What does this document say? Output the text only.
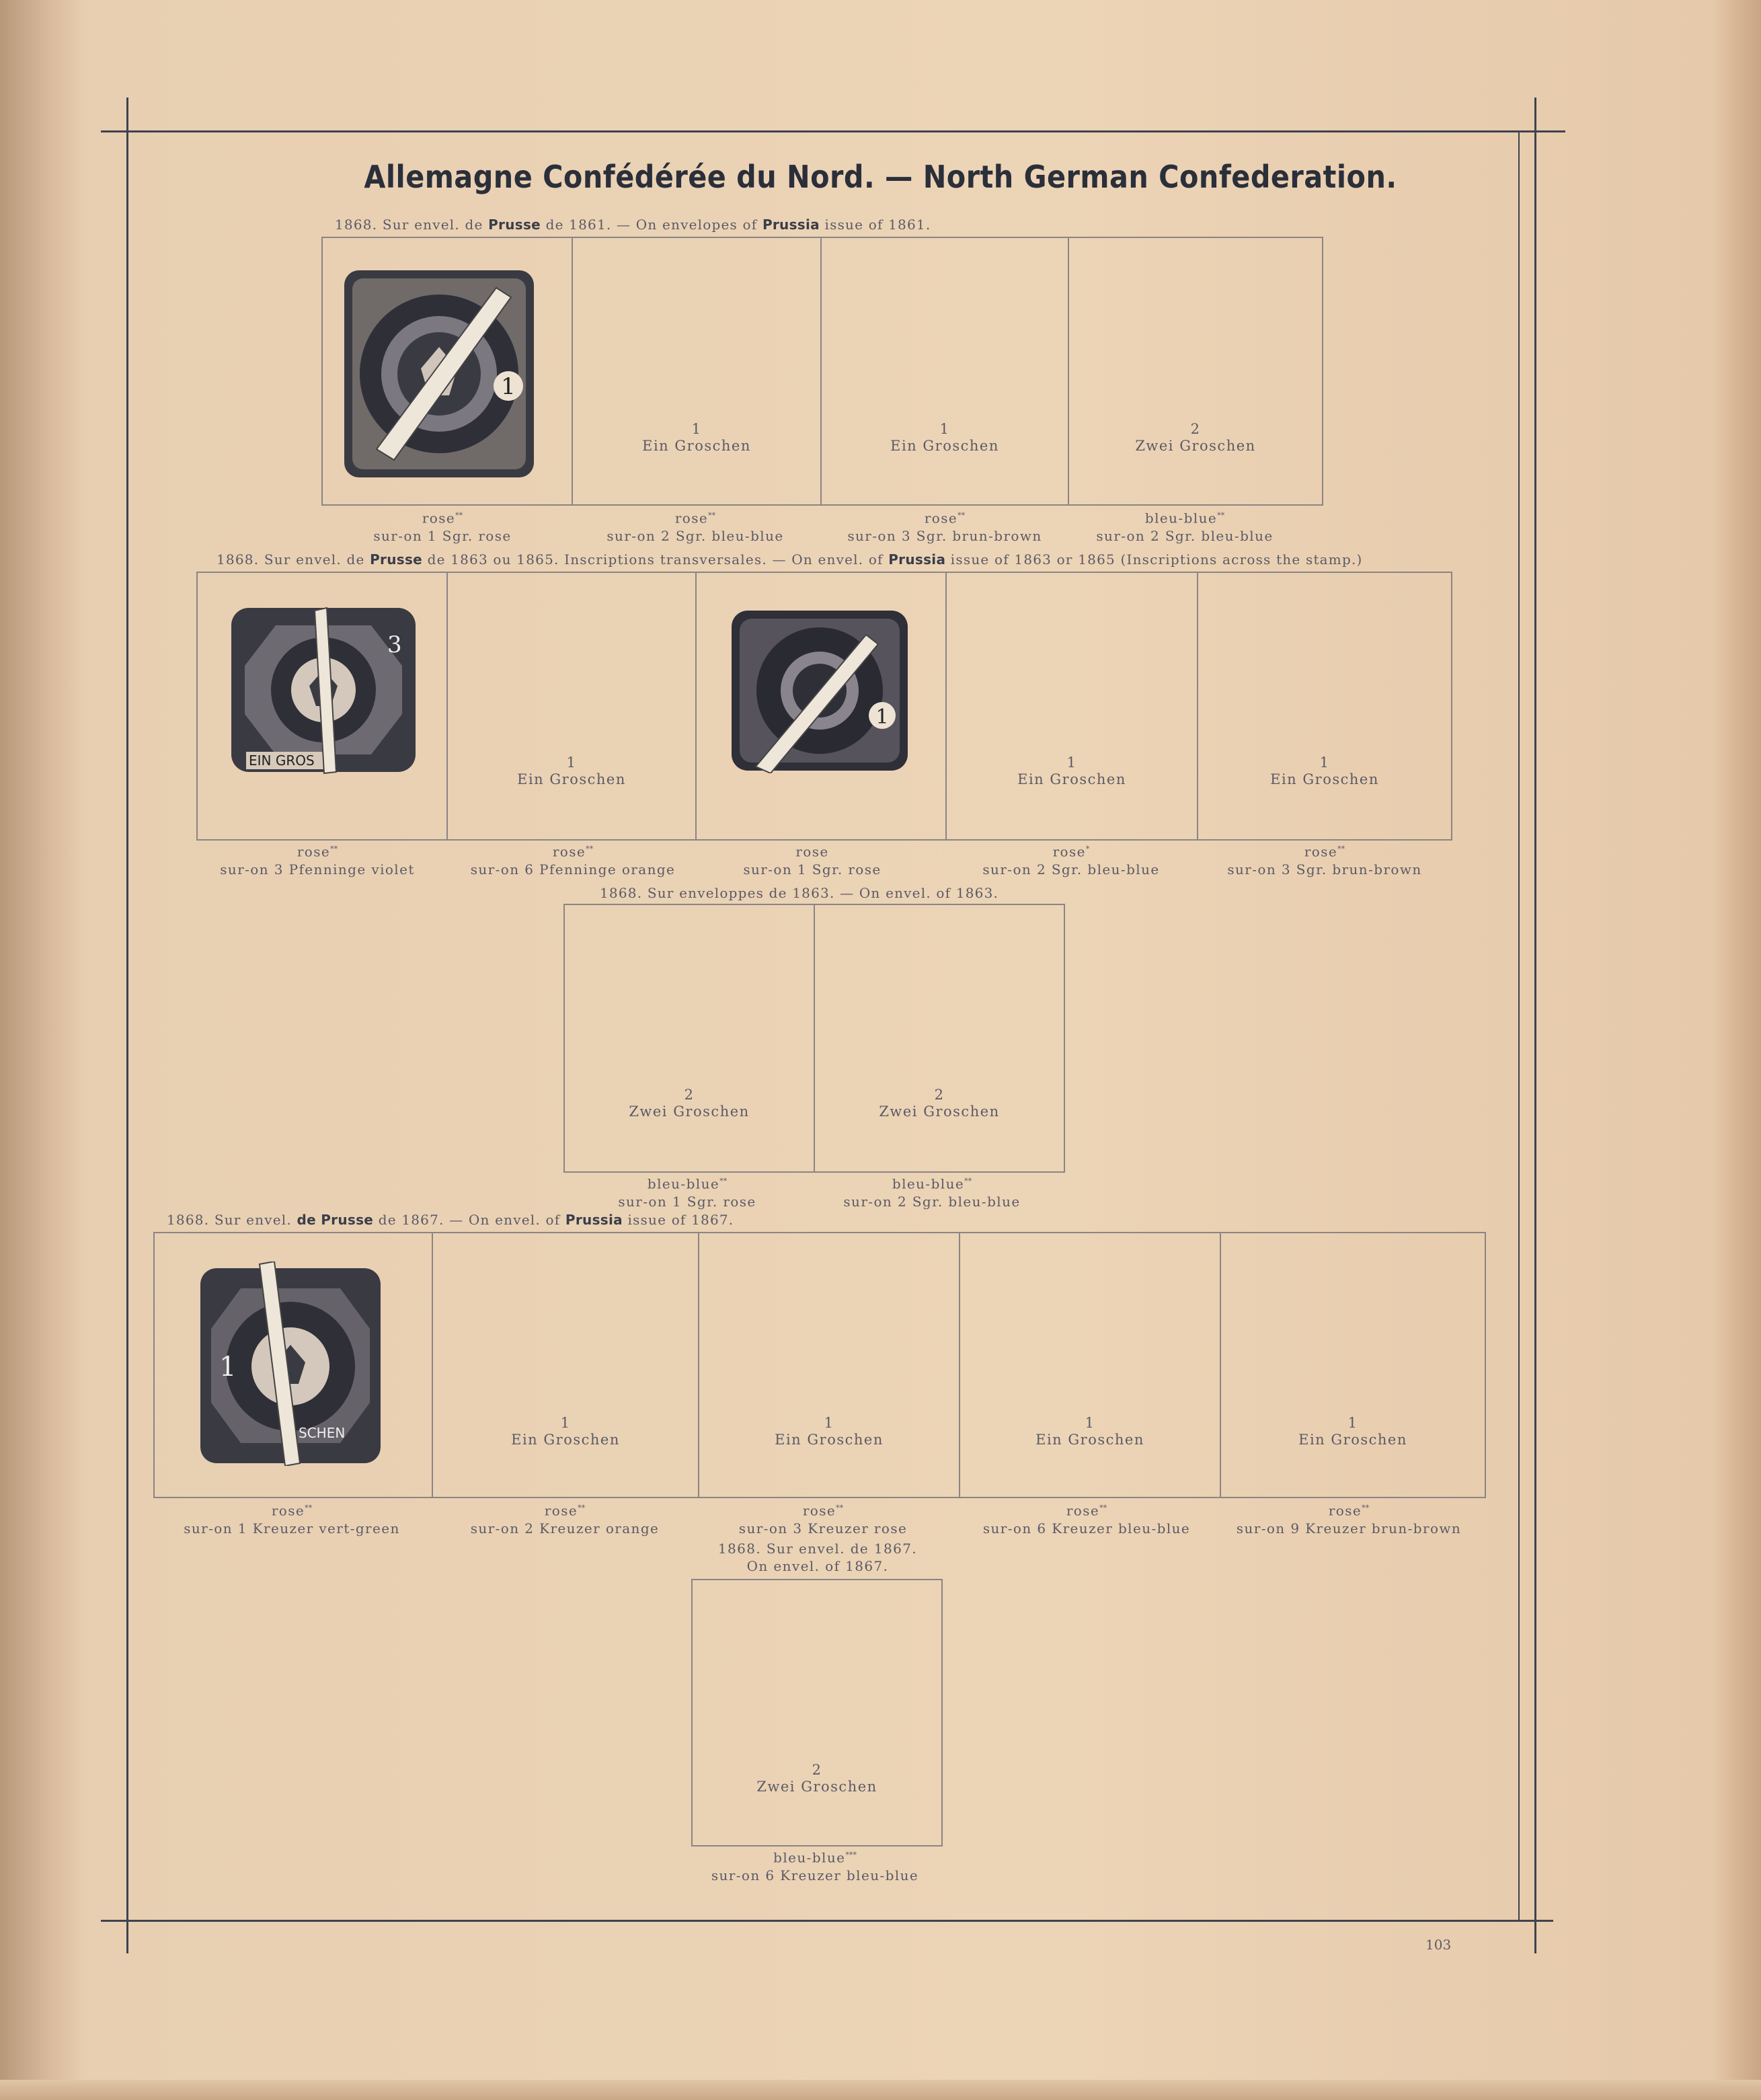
Allemagne Confédérée du Nord. — North German Confederation.
1868. Sur envel. de Prusse de 1861. — On envelopes of Prussia issue of 1861.
1
1
Ein Groschen
1
Ein Groschen
2
Zwei Groschen
rose**
sur-on 1 Sgr. rose
rose**
sur-on 2 Sgr. bleu-blue
rose**
sur-on 3 Sgr. brun-brown
bleu-blue**
sur-on 2 Sgr. bleu-blue
1868. Sur envel. de Prusse de 1863 ou 1865. Inscriptions transversales. — On envel. of Prussia issue of 1863 or 1865 (Inscriptions across the stamp.)
EIN GROS
3
1
Ein Groschen
1
1
Ein Groschen
1
Ein Groschen
rose**
sur-on 3 Pfenninge violet
rose**
sur-on 6 Pfenninge orange
rose
sur-on 1 Sgr. rose
rose*
sur-on 2 Sgr. bleu-blue
rose**
sur-on 3 Sgr. brun-brown
1868. Sur enveloppes de 1863. — On envel. of 1863.
2
Zwei Groschen
2
Zwei Groschen
bleu-blue**
sur-on 1 Sgr. rose
bleu-blue**
sur-on 2 Sgr. bleu-blue
1868. Sur envel. de Prusse de 1867. — On envel. of Prussia issue of 1867.
1
SCHEN
1
Ein Groschen
1
Ein Groschen
1
Ein Groschen
1
Ein Groschen
rose**
sur-on 1 Kreuzer vert-green
rose**
sur-on 2 Kreuzer orange
rose**
sur-on 3 Kreuzer rose
rose**
sur-on 6 Kreuzer bleu-blue
rose**
sur-on 9 Kreuzer brun-brown
1868. Sur envel. de 1867.
On envel. of 1867.
2
Zwei Groschen
bleu-blue***
sur-on 6 Kreuzer bleu-blue
103
